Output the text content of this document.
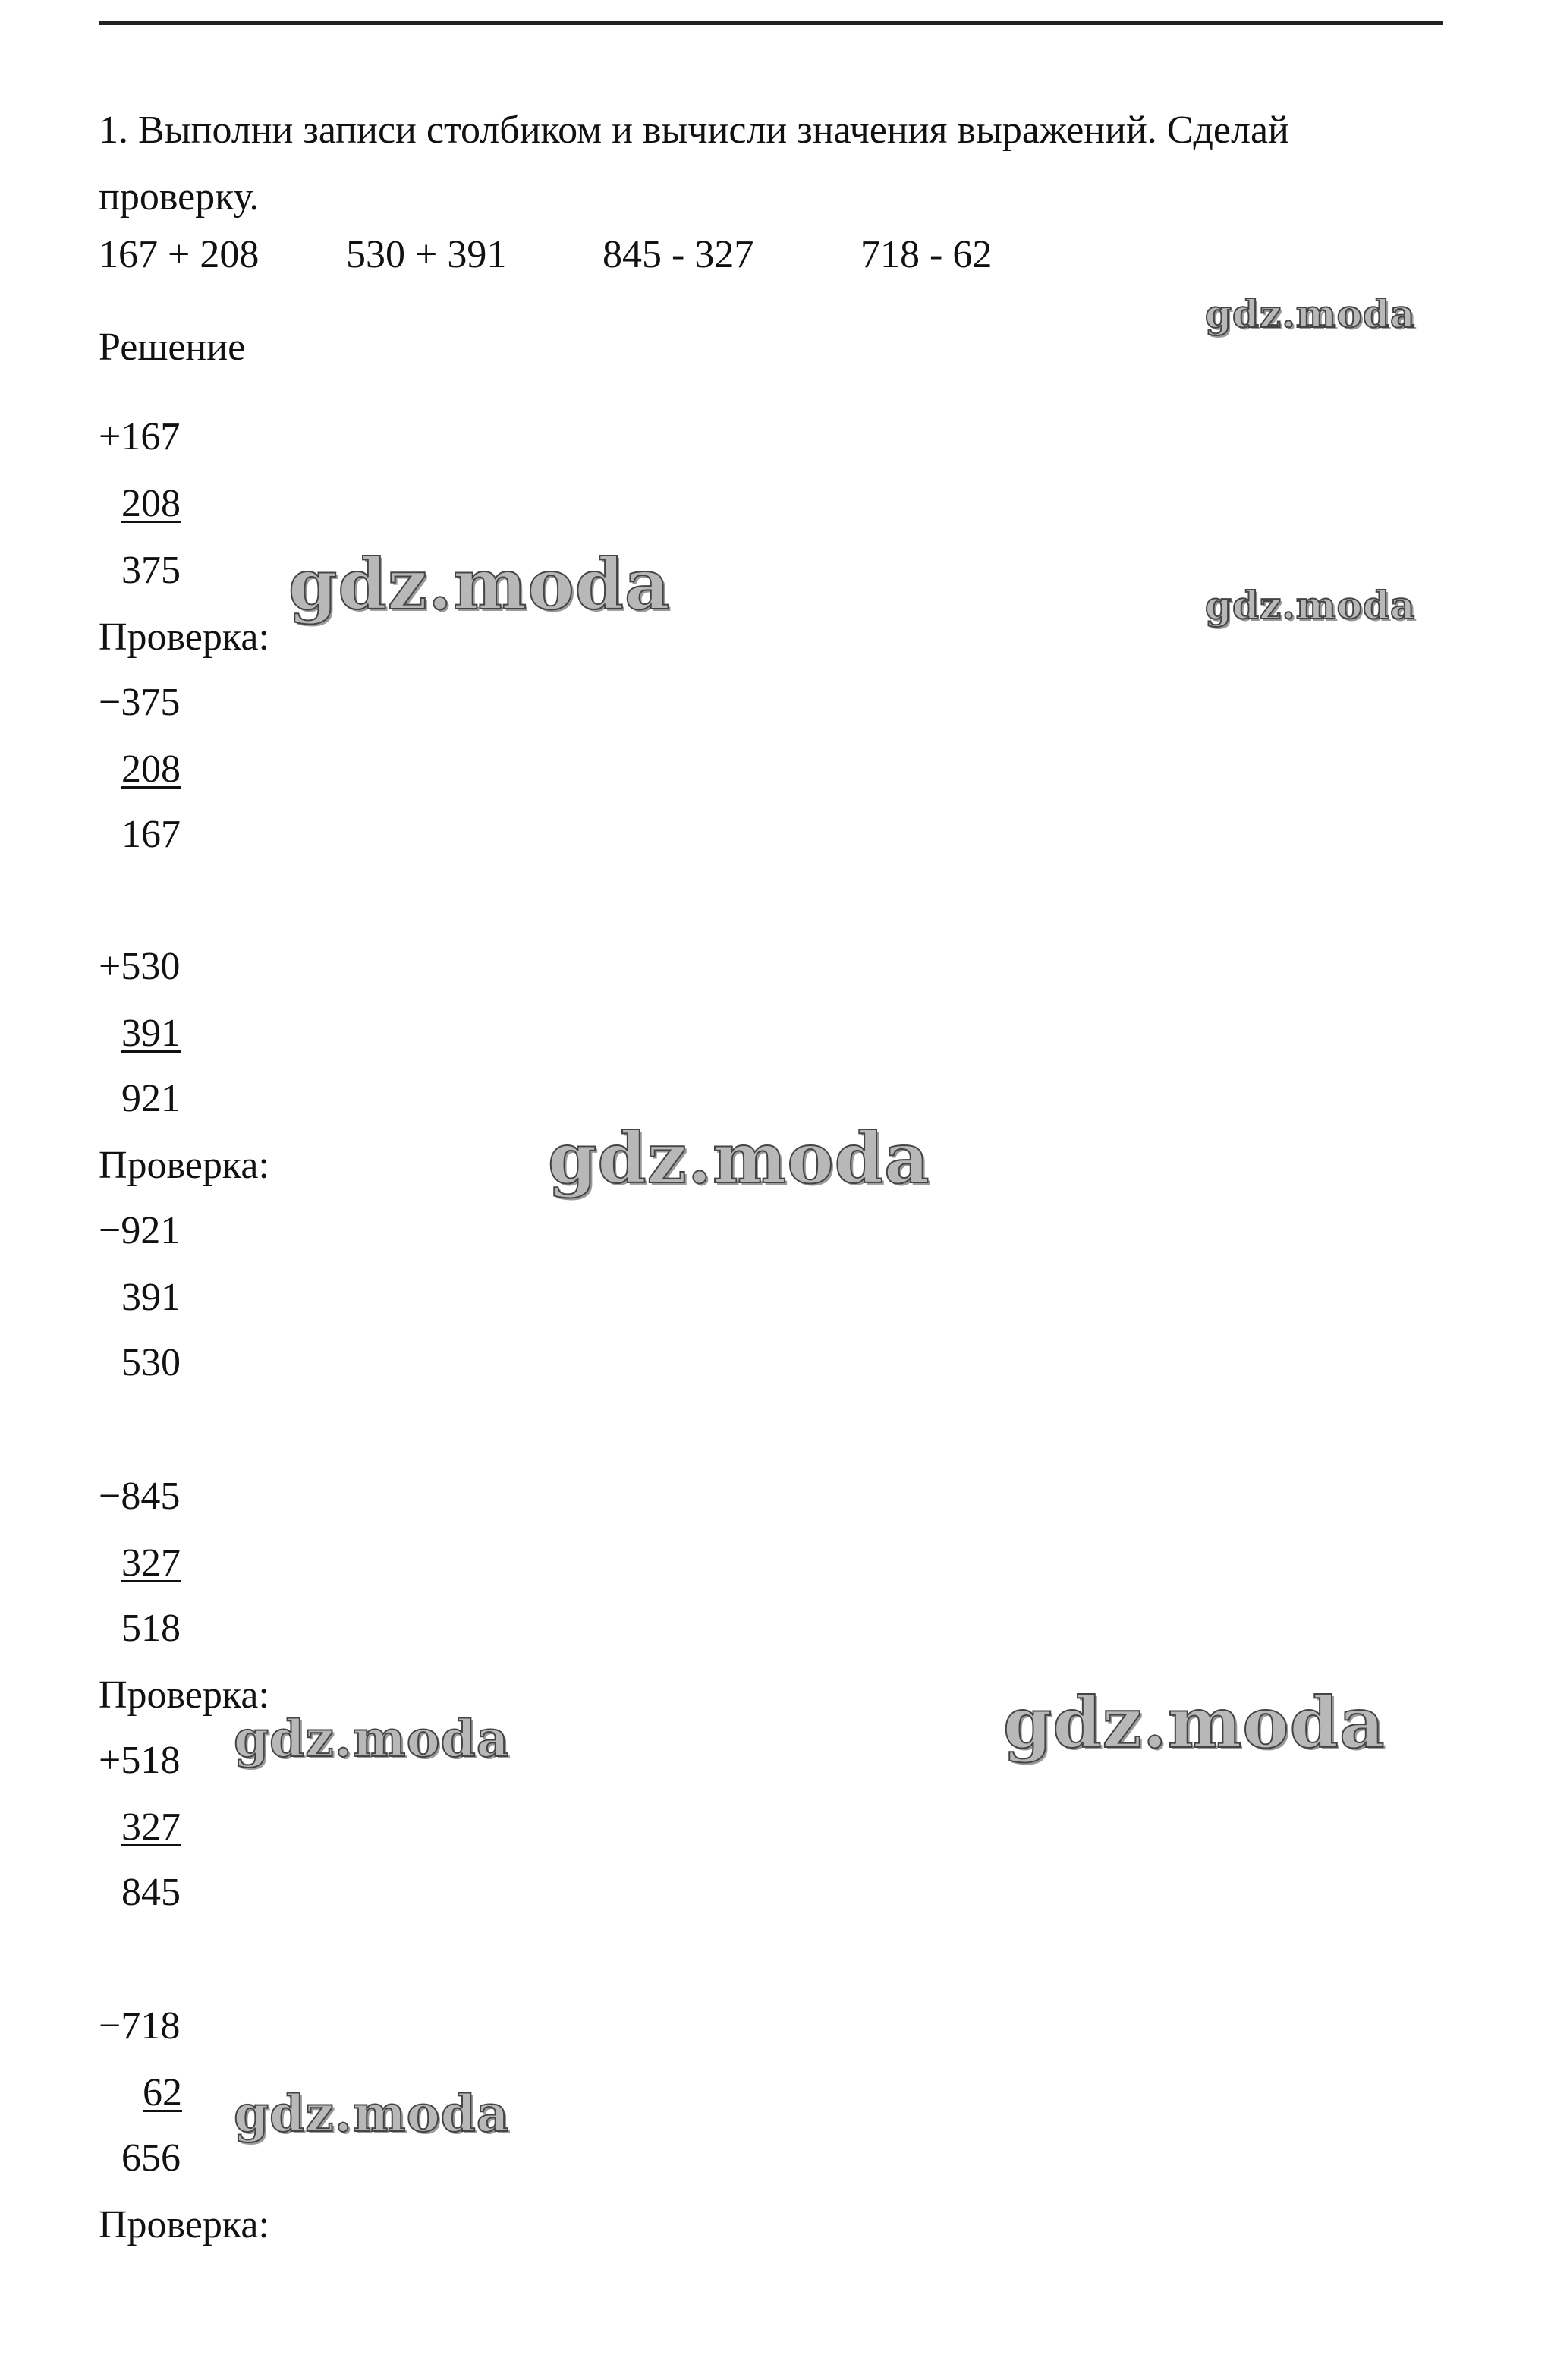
1. Выполни записи столбиком и вычисли значения выражений. Сделай проверку.
167 + 208 530 + 391 845 - 327	718 - 62
Решение
+167
208
375
Проверка:
−375
208
167
+530
391
921
Проверка:
−921
391
530
−845
327
518
Проверка:
+518
327
845
−718
62
656
Проверка:
gdz.moda
gdz.moda	gdz.moda
gdz.moda
gdz.moda	gdz.moda
gdz.moda
